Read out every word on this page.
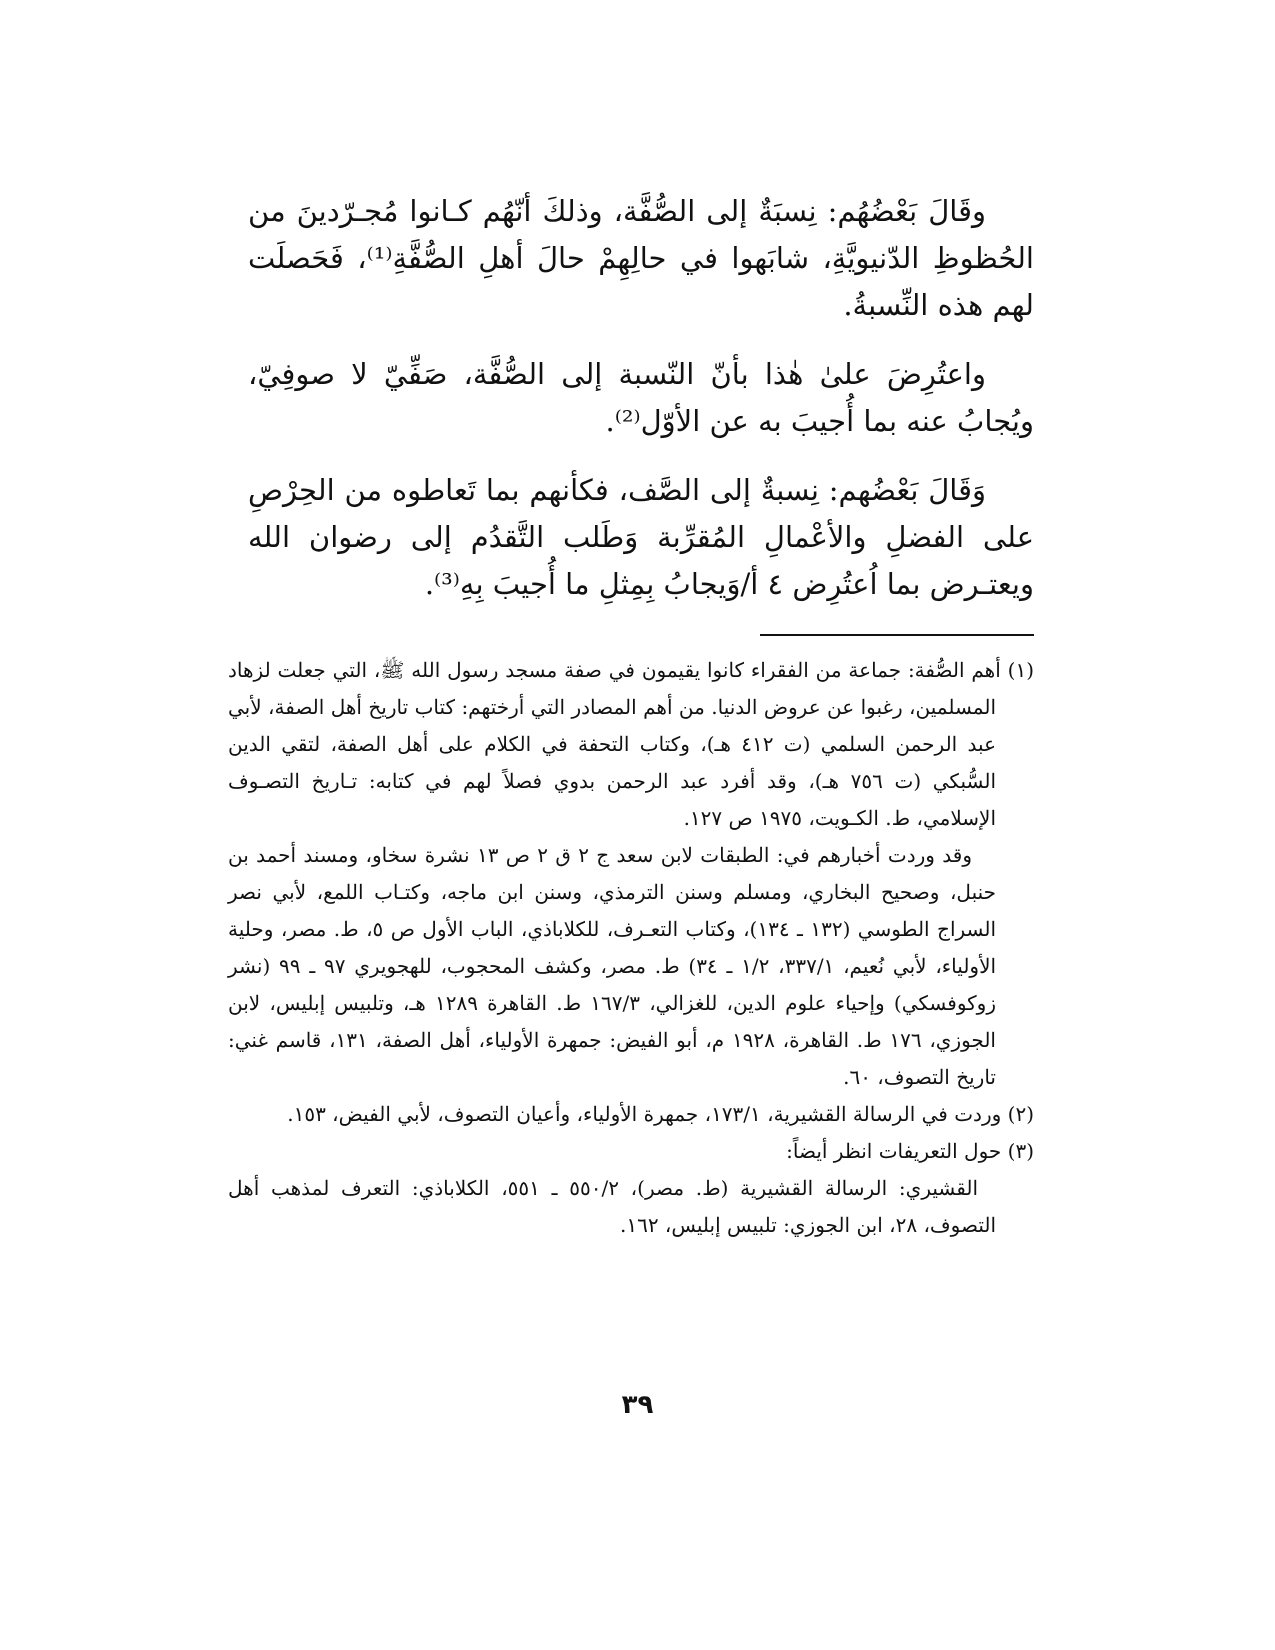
وقَالَ بَعْضُهُم: نِسبَةٌ إلى الصُّفَّة، وذلكَ أنّهُم كـانوا مُجـرّدينَ من الحُظوظِ الدّنيويَّةِ، شابَهوا في حالِهِمْ حالَ أهلِ الصُّفَّةِ⁽¹⁾، فَحَصلَت لهم هذه النِّسبةُ.

واعتُرِضَ علىٰ هٰذا بأنّ النّسبة إلى الصُّفَّة، صَفِّيّ لا صوفِيّ، ويُجابُ عنه بما أُجيبَ به عن الأوّل⁽²⁾.

وَقَالَ بَعْضُهم: نِسبةٌ إلى الصَّف، فكأنهم بما تَعاطوه من الحِرْصِ على الفضلِ والأعْمالِ المُقرِّبة وَطَلب التَّقدُم إلى رضوان الله ويعتـرض بما اُعتُرِض ٤ أ/وَيجابُ بِمِثلِ ما أُجيبَ بِهِ⁽³⁾.

(١) أهم الصُّفة: جماعة من الفقراء كانوا يقيمون في صفة مسجد رسول الله ﷺ، التي جعلت لزهاد المسلمين، رغبوا عن عروض الدنيا. من أهم المصادر التي أرختهم: كتاب تاريخ أهل الصفة، لأبي عبد الرحمن السلمي (ت ٤١٢ هـ)، وكتاب التحفة في الكلام على أهل الصفة، لتقي الدين السُّبكي (ت ٧٥٦ هـ)، وقد أفرد عبد الرحمن بدوي فصلاً لهم في كتابه: تـاريخ التصـوف الإسلامي، ط. الكـويت، ١٩٧٥ ص ١٢٧.

وقد وردت أخبارهم في: الطبقات لابن سعد ج ٢ ق ٢ ص ١٣ نشرة سخاو، ومسند أحمد بن حنبل، وصحيح البخاري، ومسلم وسنن الترمذي، وسنن ابن ماجه، وكتـاب اللمع، لأبي نصر السراج الطوسي (١٣٢ ـ ١٣٤)، وكتاب التعـرف، للكلاباذي، الباب الأول ص ٥، ط. مصر، وحلية الأولياء، لأبي نُعيم، ٣٣٧/١، ١/٢ ـ ٣٤) ط. مصر، وكشف المحجوب، للهجويري ٩٧ ـ ٩٩ (نشر زوكوفسكي) وإحياء علوم الدين، للغزالي، ١٦٧/٣ ط. القاهرة ١٢٨٩ هـ، وتلبيس إبليس، لابن الجوزي، ١٧٦ ط. القاهرة، ١٩٢٨ م، أبو الفيض: جمهرة الأولياء، أهل الصفة، ١٣١، قاسم غني: تاريخ التصوف، ٦٠.

(٢) وردت في الرسالة القشيرية، ١٧٣/١، جمهرة الأولياء، وأعيان التصوف، لأبي الفيض، ١٥٣.

(٣) حول التعريفات انظر أيضاً:

القشيري: الرسالة القشيرية (ط. مصر)، ٥٥٠/٢ ـ ٥٥١، الكلاباذي: التعرف لمذهب أهل التصوف، ٢٨، ابن الجوزي: تلبيس إبليس، ١٦٢.

٣٩
